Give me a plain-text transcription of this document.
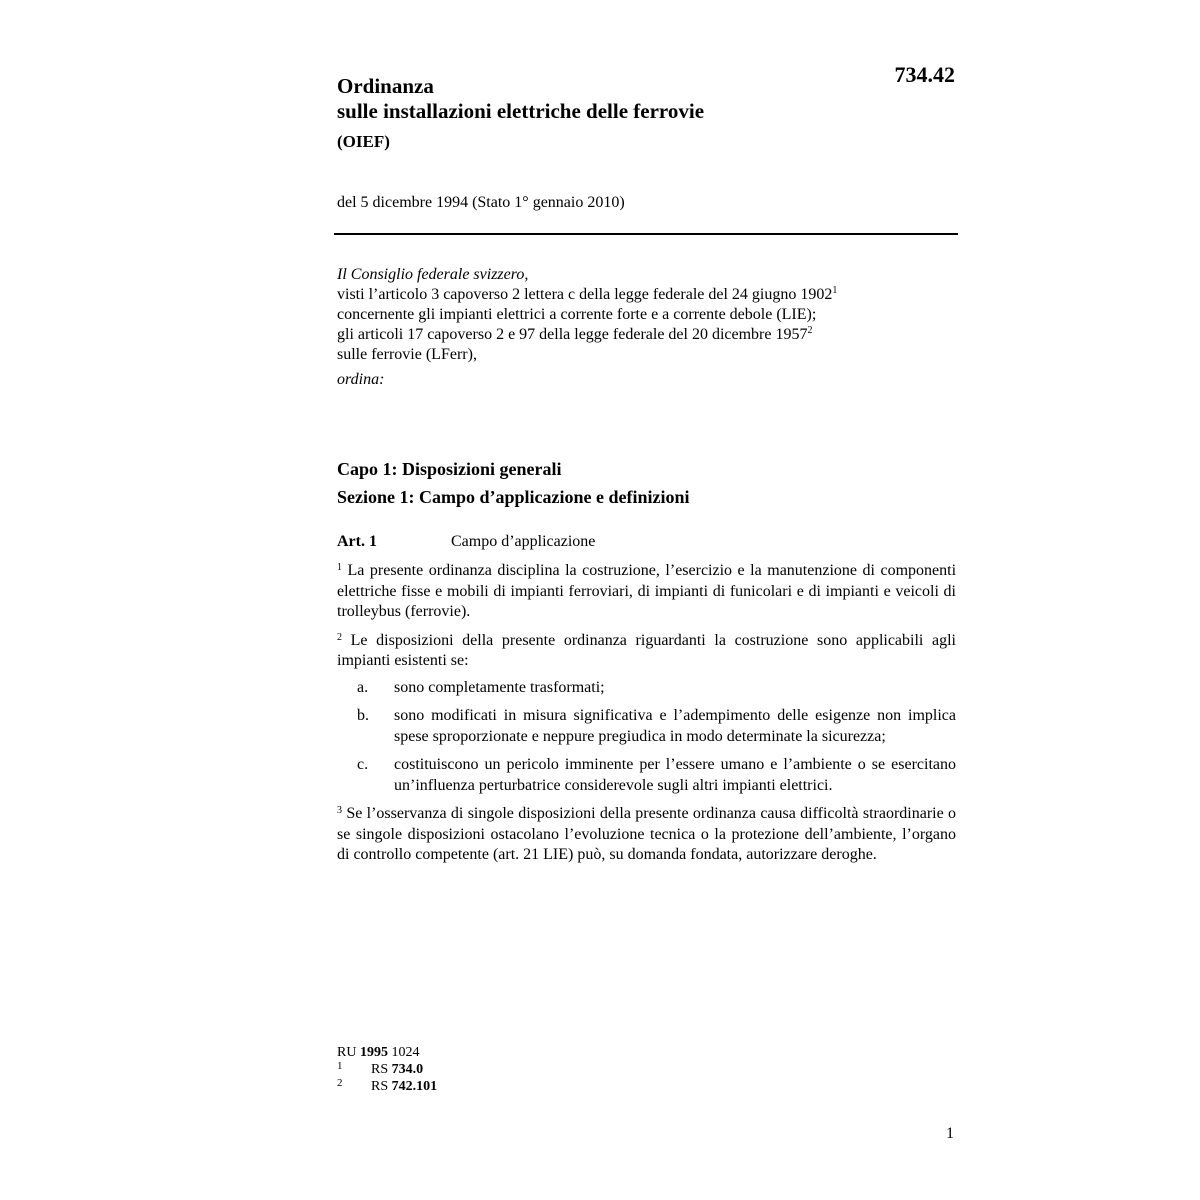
734.42
Ordinanza
sulle installazioni elettriche delle ferrovie
(OIEF)
del 5 dicembre 1994 (Stato 1° gennaio 2010)
Il Consiglio federale svizzero,
visti l’articolo 3 capoverso 2 lettera c della legge federale del 24 giugno 1902$^1$
concernente gli impianti elettrici a corrente forte e a corrente debole (LIE);
gli articoli 17 capoverso 2 e 97 della legge federale del 20 dicembre 1957$^2$
sulle ferrovie (LFerr),
ordina:
Capo 1: Disposizioni generali
Sezione 1: Campo d’applicazione e definizioni
Art. 1	Campo d’applicazione
$^1$ La presente ordinanza disciplina la costruzione, l’esercizio e la manutenzione di componenti elettriche fisse e mobili di impianti ferroviari, di impianti di funicolari e di impianti e veicoli di trolleybus (ferrovie).
$^2$ Le disposizioni della presente ordinanza riguardanti la costruzione sono applicabili agli impianti esistenti se:
a. sono completamente trasformati;
b. sono modificati in misura significativa e l’adempimento delle esigenze non implica spese sproporzionate e neppure pregiudica in modo determinate la sicurezza;
c. costituiscono un pericolo imminente per l’essere umano e l’ambiente o se esercitano un’influenza perturbatrice considerevole sugli altri impianti elettrici.
$^3$ Se l’osservanza di singole disposizioni della presente ordinanza causa difficoltà straordinarie o se singole disposizioni ostacolano l’evoluzione tecnica o la protezione dell’ambiente, l’organo di controllo competente (art. 21 LIE) può, su domanda fondata, autorizzare deroghe.
RU 1995 1024
1 RS 734.0
2 RS 742.101
1
